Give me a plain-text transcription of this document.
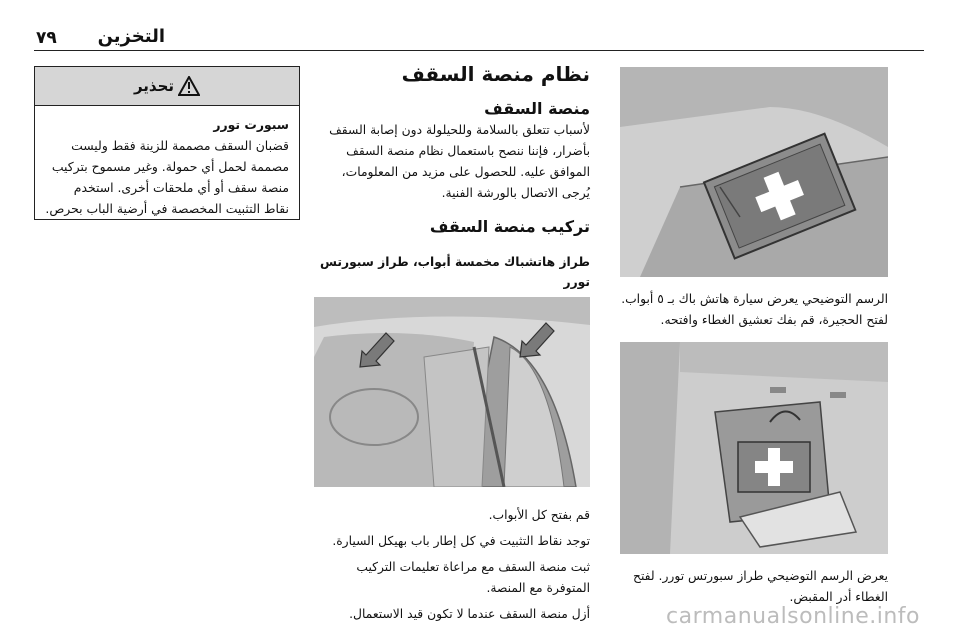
٧٩ التخزين
تحذير

سبورت تورر

قضبان السقف مصممة للزينة فقط وليست مصممة لحمل أي حمولة. وغير مسموح بتركيب منصة سقف أو أي ملحقات أخرى. استخدم نقاط التثبيت المخصصة في أرضية الباب بحرص.

نظام منصة السقف
منصة السقف

لأسباب تتعلق بالسلامة وللحيلولة دون إصابة السقف بأضرار، فإننا ننصح باستعمال نظام منصة السقف الموافق عليه. للحصول على مزيد من المعلومات، يُرجى الاتصال بالورشة الفنية.

تركيب منصة السقف
طراز هاتشباك مخمسة أبواب، طراز سبورتس تورر

قم بفتح كل الأبواب.

توجد نقاط التثبيت في كل إطار باب بهيكل السيارة.

ثبت منصة السقف مع مراعاة تعليمات التركيب المتوفرة مع المنصة.

أزل منصة السقف عندما لا تكون قيد الاستعمال.

الرسم التوضيحي يعرض سيارة هاتش باك بـ ٥ أبواب. لفتح الحجيرة، قم بفك تعشيق الغطاء وافتحه.

يعرض الرسم التوضيحي طراز سبورتس تورر. لفتح الغطاء أدر المقبض.

carmanualsonline.info
